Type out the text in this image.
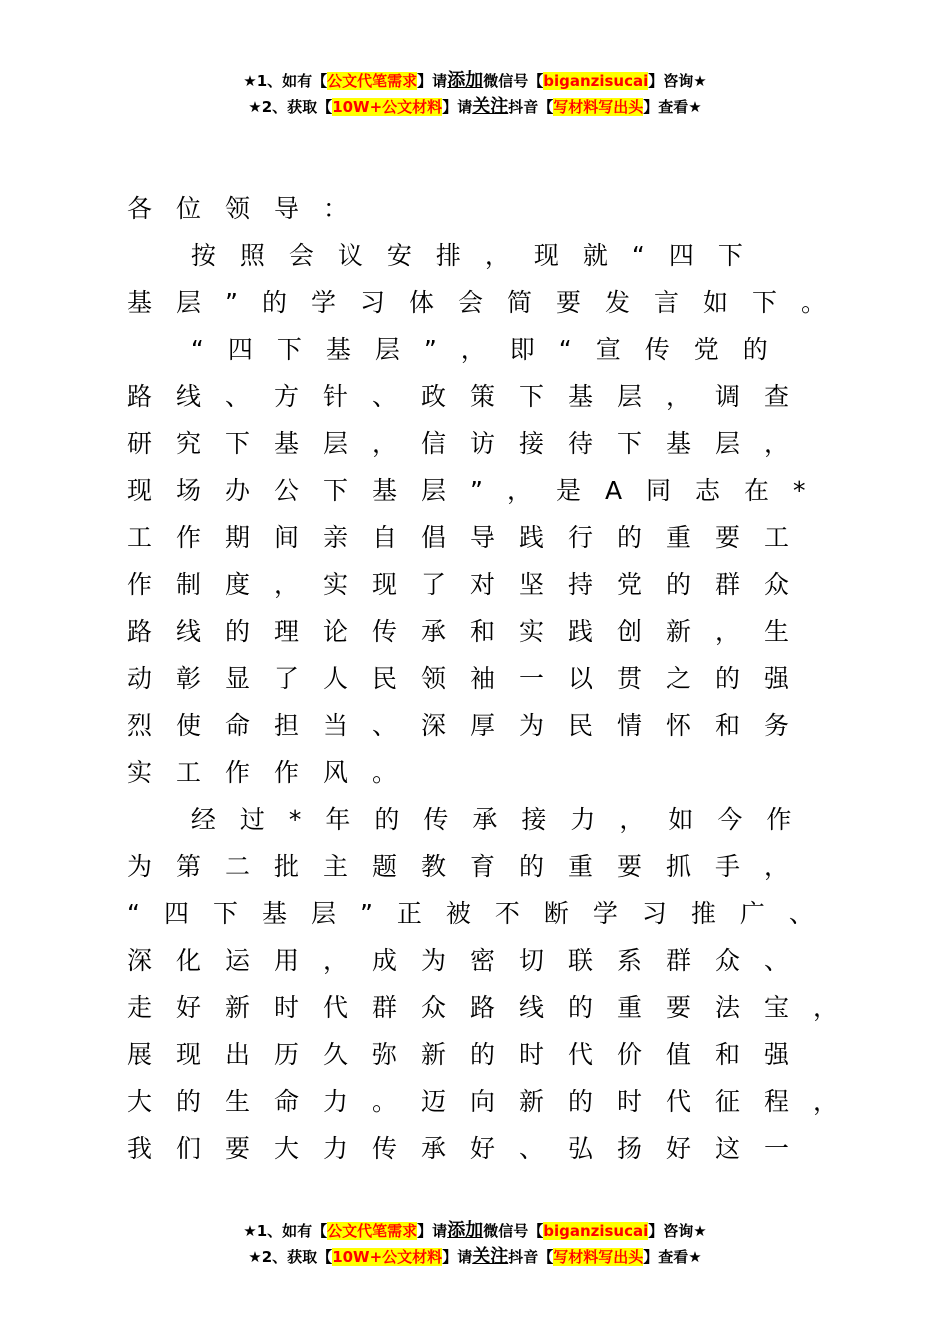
★1、如有【公文代笔需求】请添加微信号【biganzisucai】咨询★
★2、获取【10W+公文材料】请关注抖音【写材料写出头】查看★
各位领导：
按照会议安排，现就“四下
基层”的学习体会简要发言如下。
“四下基层”，即“宣传党的
路线、方针、政策下基层，调查
研究下基层，信访接待下基层，
现场办公下基层”，是A同志在*
工作期间亲自倡导践行的重要工
作制度，实现了对坚持党的群众
路线的理论传承和实践创新，生
动彰显了人民领袖一以贯之的强
烈使命担当、深厚为民情怀和务
实工作作风。
经过*年的传承接力，如今作
为第二批主题教育的重要抓手，
“四下基层”正被不断学习推广、
深化运用，成为密切联系群众、
走好新时代群众路线的重要法宝，
展现出历久弥新的时代价值和强
大的生命力。迈向新的时代征程，
我们要大力传承好、弘扬好这一
★1、如有【公文代笔需求】请添加微信号【biganzisucai】咨询★
★2、获取【10W+公文材料】请关注抖音【写材料写出头】查看★
